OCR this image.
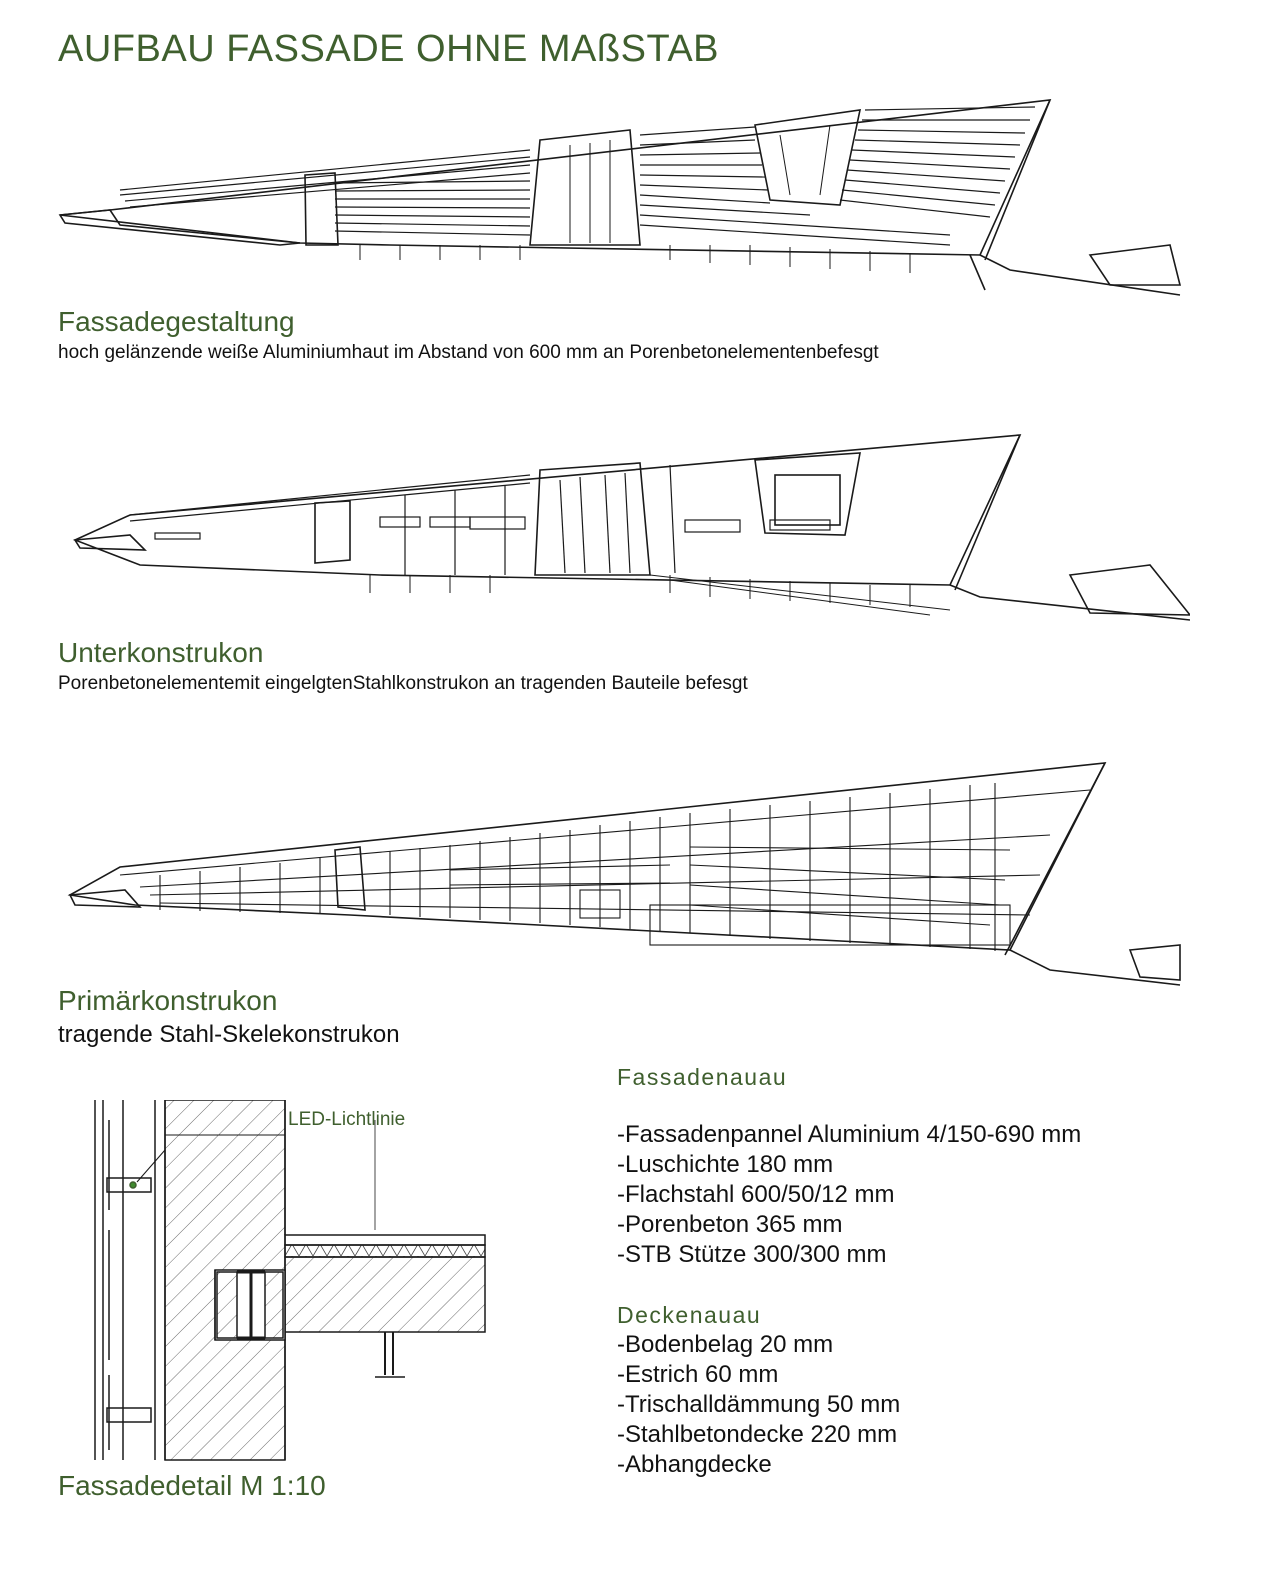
AUFBAU FASSADE OHNE MAßSTAB
Fassadegestaltung
hoch gelänzende weiße Aluminiumhaut im Abstand von 600 mm an Porenbetonelementenbefesgt
Unterkonstrukon
Porenbetonelementemit eingelgtenStahlkonstrukon an tragenden Bauteile befesgt
Primärkonstrukon
tragende Stahl-Skelekonstrukon
LED-Lichtlinie
Fassadedetail M 1:10
Fassadenauau
-Fassadenpannel Aluminium 4/150-690 mm
-Luschichte 180 mm
-Flachstahl 600/50/12 mm
-Porenbeton 365 mm
-STB Stütze 300/300 mm
Deckenauau
-Bodenbelag 20 mm
-Estrich 60 mm
-Trischalldämmung 50 mm
-Stahlbetondecke 220 mm
-Abhangdecke
